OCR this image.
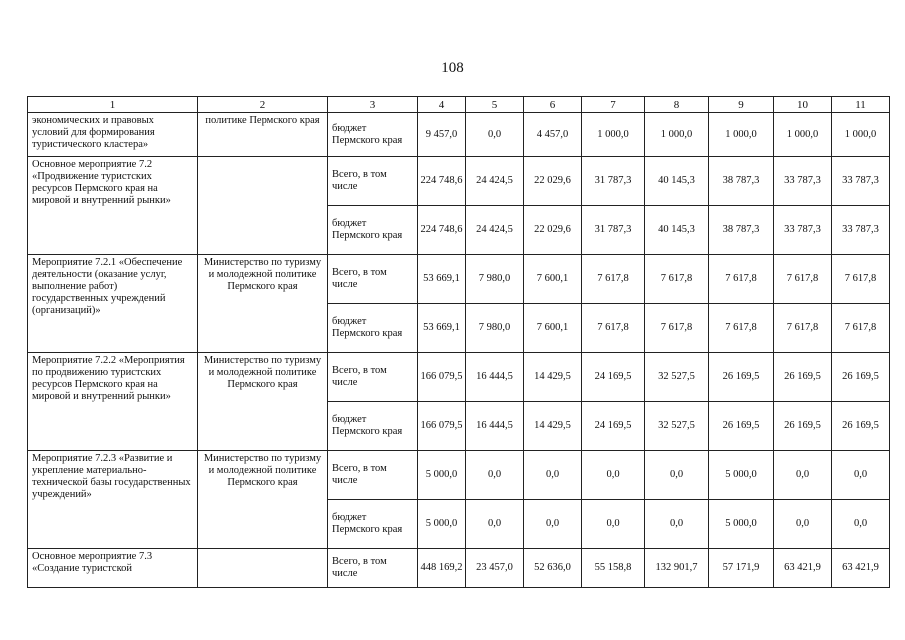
108
1	2	3	4	5	6	7	8	9	10	11
экономических и правовых условий для формирования туристического кластера»	политике Пермского края	бюджет Пермского края	9 457,0	0,0	4 457,0	1 000,0	1 000,0	1 000,0	1 000,0	1 000,0
Основное мероприятие 7.2 «Продвижение туристских ресурсов Пермского края на мировой и внутренний рынки»		Всего, в том числе	224 748,6	24 424,5	22 029,6	31 787,3	40 145,3	38 787,3	33 787,3	33 787,3
		бюджет Пермского края	224 748,6	24 424,5	22 029,6	31 787,3	40 145,3	38 787,3	33 787,3	33 787,3
Мероприятие 7.2.1 «Обеспечение деятельности (оказание услуг, выполнение работ) государственных учреждений (организаций)»	Министерство по туризму и молодежной политике Пермского края	Всего, в том числе	53 669,1	7 980,0	7 600,1	7 617,8	7 617,8	7 617,8	7 617,8	7 617,8
		бюджет Пермского края	53 669,1	7 980,0	7 600,1	7 617,8	7 617,8	7 617,8	7 617,8	7 617,8
Мероприятие 7.2.2 «Мероприятия по продвижению туристских ресурсов Пермского края на мировой и внутренний рынки»	Министерство по туризму и молодежной политике Пермского края	Всего, в том числе	166 079,5	16 444,5	14 429,5	24 169,5	32 527,5	26 169,5	26 169,5	26 169,5
		бюджет Пермского края	166 079,5	16 444,5	14 429,5	24 169,5	32 527,5	26 169,5	26 169,5	26 169,5
Мероприятие 7.2.3 «Развитие и укрепление материально-технической базы государственных учреждений»	Министерство по туризму и молодежной политике Пермского края	Всего, в том числе	5 000,0	0,0	0,0	0,0	0,0	5 000,0	0,0	0,0
		бюджет Пермского края	5 000,0	0,0	0,0	0,0	0,0	5 000,0	0,0	0,0
Основное мероприятие 7.3 «Создание туристской		Всего, в том числе	448 169,2	23 457,0	52 636,0	55 158,8	132 901,7	57 171,9	63 421,9	63 421,9
